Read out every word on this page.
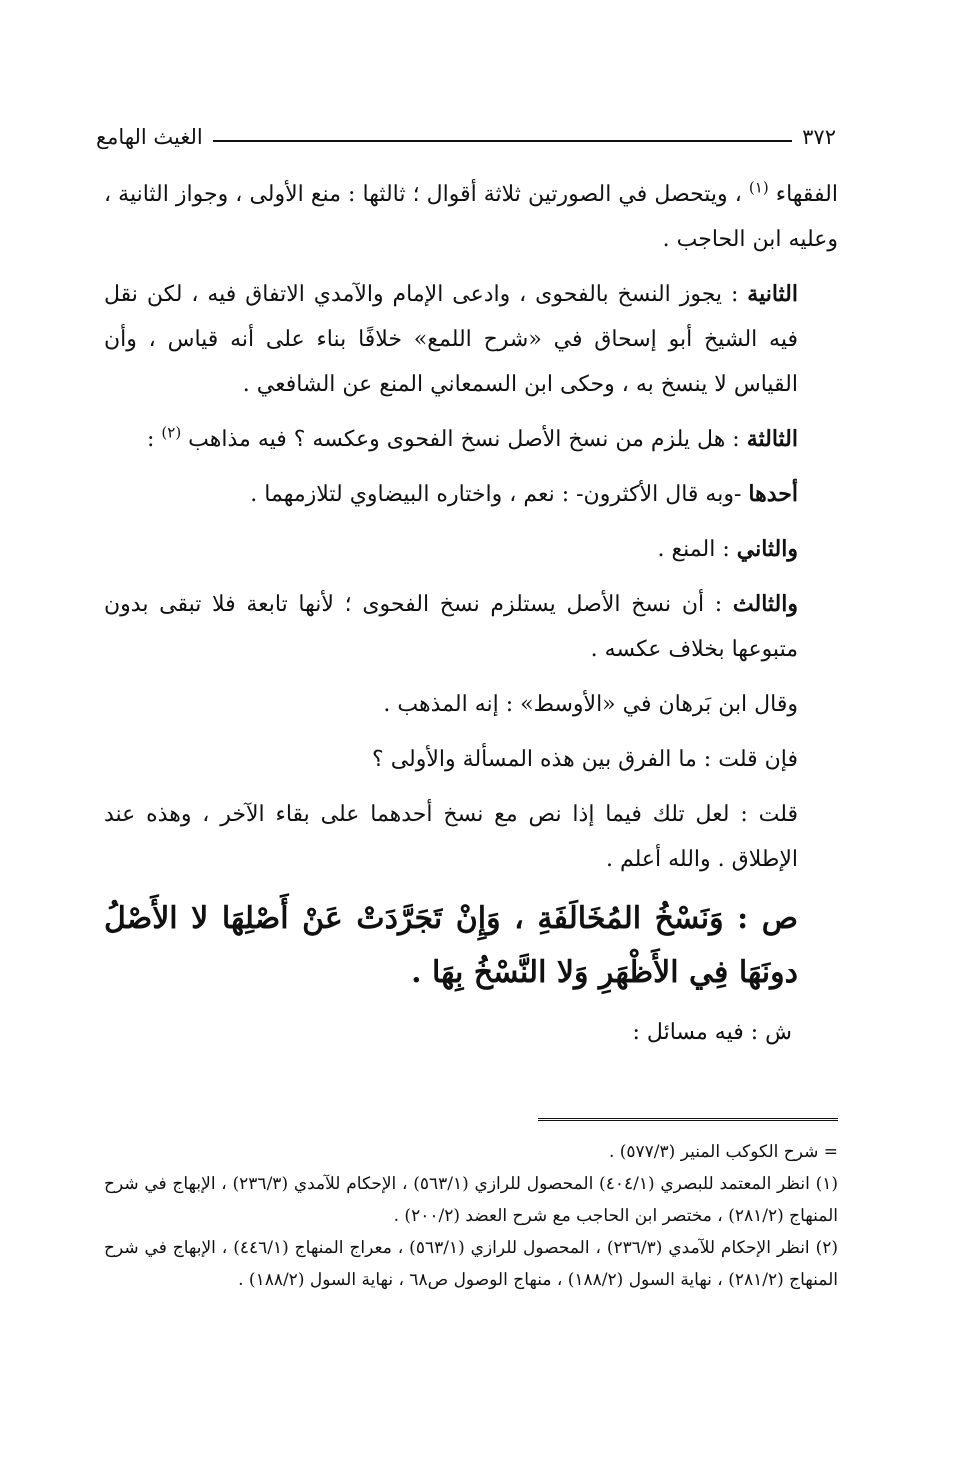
٣٧٢
الغيث الهامع

الفقهاء $^{(١)}$ ، ويتحصل في الصورتين ثلاثة أقوال ؛ ثالثها : منع الأولى ، وجواز الثانية ، وعليه ابن الحاجب .

الثانية : يجوز النسخ بالفحوى ، وادعى الإمام والآمدي الاتفاق فيه ، لكن نقل فيه الشيخ أبو إسحاق في «شرح اللمع» خلافًا بناء على أنه قياس ، وأن القياس لا ينسخ به ، وحكى ابن السمعاني المنع عن الشافعي .

الثالثة : هل يلزم من نسخ الأصل نسخ الفحوى وعكسه ؟ فيه مذاهب $^{(٢)}$ :

أحدها -وبه قال الأكثرون- : نعم ، واختاره البيضاوي لتلازمهما .

والثاني : المنع .

والثالث : أن نسخ الأصل يستلزم نسخ الفحوى ؛ لأنها تابعة فلا تبقى بدون متبوعها بخلاف عكسه .

وقال ابن بَرهان في «الأوسط» : إنه المذهب .

فإن قلت : ما الفرق بين هذه المسألة والأولى ؟

قلت : لعل تلك فيما إذا نص مع نسخ أحدهما على بقاء الآخر ، وهذه عند الإطلاق . والله أعلم .

ص : وَنَسْخُ المُخَالَفَةِ ، وَإِنْ تَجَرَّدَتْ عَنْ أَصْلِهَا لا الأَصْلُ دونَهَا فِي الأَظْهَرِ وَلا النَّسْخُ بِهَا .

ش : فيه مسائل :

= شرح الكوكب المنير (٥٧٧/٣) .

(١) انظر المعتمد للبصري (٤٠٤/١) المحصول للرازي (٥٦٣/١) ، الإحكام للآمدي (٢٣٦/٣) ، الإبهاج في شرح المنهاج (٢٨١/٢) ، مختصر ابن الحاجب مع شرح العضد (٢٠٠/٢) .

(٢) انظر الإحكام للآمدي (٢٣٦/٣) ، المحصول للرازي (٥٦٣/١) ، معراج المنهاج (٤٤٦/١) ، الإبهاج في شرح المنهاج (٢٨١/٢) ، نهاية السول (١٨٨/٢) ، منهاج الوصول ص٦٨ ، نهاية السول (١٨٨/٢) .
